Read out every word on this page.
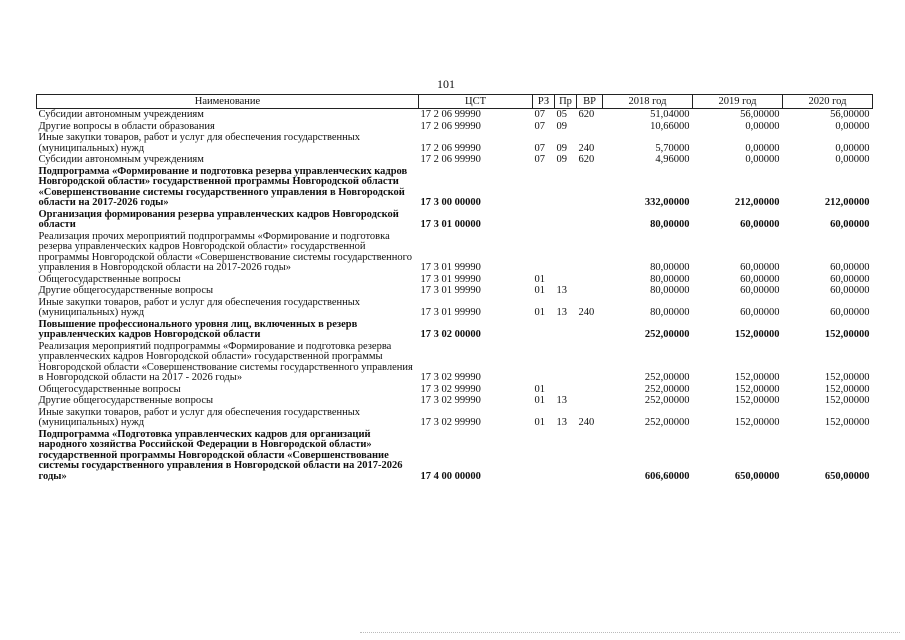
101
Наименование	ЦСТ	РЗ	Пр	ВР	2018 год	2019 год	2020 год
Субсидии автономным учреждениям	17 2 06 99990	07	05	620	51,04000	56,00000	56,00000
Другие вопросы в области образования	17 2 06 99990	07	09		10,66000	0,00000	0,00000
Иные закупки товаров, работ и услуг для обеспечения государственных (муниципальных) нужд	17 2 06 99990	07	09	240	5,70000	0,00000	0,00000
Субсидии автономным учреждениям	17 2 06 99990	07	09	620	4,96000	0,00000	0,00000
Подпрограмма «Формирование и подготовка резерва управленческих кадров Новгородской области» государственной программы Новгородской области «Совершенствование системы государственного управления в Новгородской области на 2017-2026 годы»	17 3 00 00000				332,00000	212,00000	212,00000
Организация формирования резерва управленческих кадров Новгородской области	17 3 01 00000				80,00000	60,00000	60,00000
Реализация прочих мероприятий подпрограммы «Формирование и подготовка резерва управленческих кадров Новгородской области» государственной программы Новгородской области «Совершенствование системы государственного управления в Новгородской области на 2017-2026 годы»	17 3 01 99990				80,00000	60,00000	60,00000
Общегосударственные вопросы	17 3 01 99990	01			80,00000	60,00000	60,00000
Другие общегосударственные вопросы	17 3 01 99990	01	13		80,00000	60,00000	60,00000
Иные закупки товаров, работ и услуг для обеспечения государственных (муниципальных) нужд	17 3 01 99990	01	13	240	80,00000	60,00000	60,00000
Повышение профессионального уровня лиц, включенных в резерв управленческих кадров Новгородской области	17 3 02 00000				252,00000	152,00000	152,00000
Реализация мероприятий подпрограммы «Формирование и подготовка резерва управленческих кадров Новгородской области» государственной программы Новгородской области «Совершенствование системы государственного управления в Новгородской области на 2017 - 2026 годы»	17 3 02 99990				252,00000	152,00000	152,00000
Общегосударственные вопросы	17 3 02 99990	01			252,00000	152,00000	152,00000
Другие общегосударственные вопросы	17 3 02 99990	01	13		252,00000	152,00000	152,00000
Иные закупки товаров, работ и услуг для обеспечения государственных (муниципальных) нужд	17 3 02 99990	01	13	240	252,00000	152,00000	152,00000
Подпрограмма «Подготовка управленческих кадров для организаций народного хозяйства Российской Федерации в Новгородской области» государственной программы Новгородской области «Совершенствование системы государственного управления в Новгородской области на 2017-2026 годы»	17 4 00 00000				606,60000	650,00000	650,00000
